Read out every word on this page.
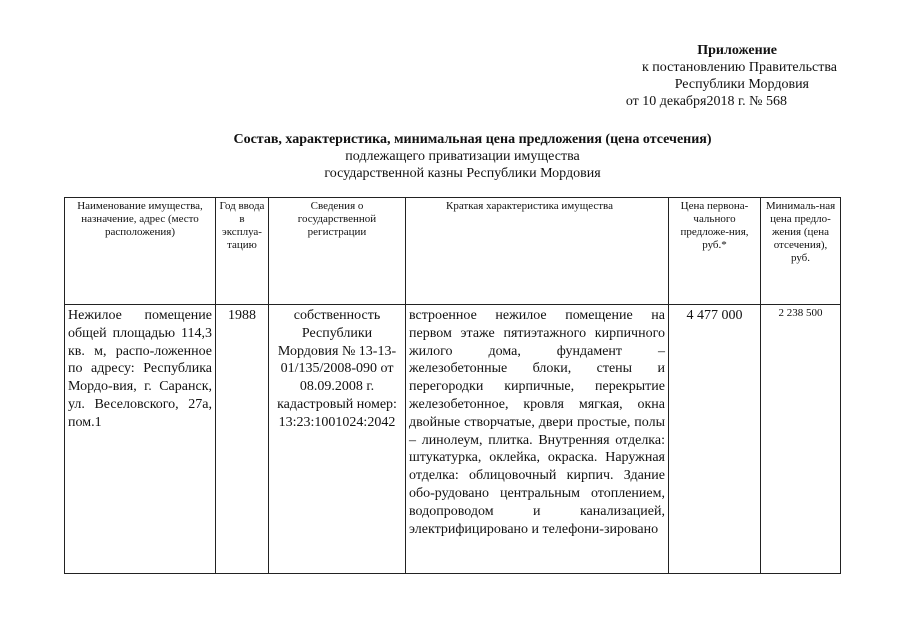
Приложение
к постановлению Правительства
Республики Мордовия
от 10 декабря2018 г. № 568
Состав, характеристика, минимальная цена предложения (цена отсечения)
подлежащего приватизации имущества
государственной казны Республики Мордовия
Наименование имущества, назначение, адрес (место расположения)	Год ввода в эксплуа-тацию	Сведения о государственной регистрации	Краткая характеристика имущества	Цена первона-чального предложе-ния, руб.*	Минималь-ная цена предло-жения (цена отсечения), руб.
Нежилое помещение общей площадью 114,3 кв. м, распо-ложенное по адресу: Республика Мордо-вия, г. Саранск, ул. Веселовского, 27а, пом.1	1988	собственность Республики Мордовия № 13-13-01/135/2008-090 от 08.09.2008 г. кадастровый номер: 13:23:1001024:2042	встроенное нежилое помещение на первом этаже пятиэтажного кирпичного жилого дома, фундамент – железобетонные блоки, стены и перегородки кирпичные, перекрытие железобетонное, кровля мягкая, окна двойные створчатые, двери простые, полы – линолеум, плитка. Внутренняя отделка: штукатурка, оклейка, окраска. Наружная отделка: облицовочный кирпич. Здание обо-рудовано центральным отоплением, водопроводом и канализацией, электрифицировано и телефони-зировано	4 477 000	2 238 500
